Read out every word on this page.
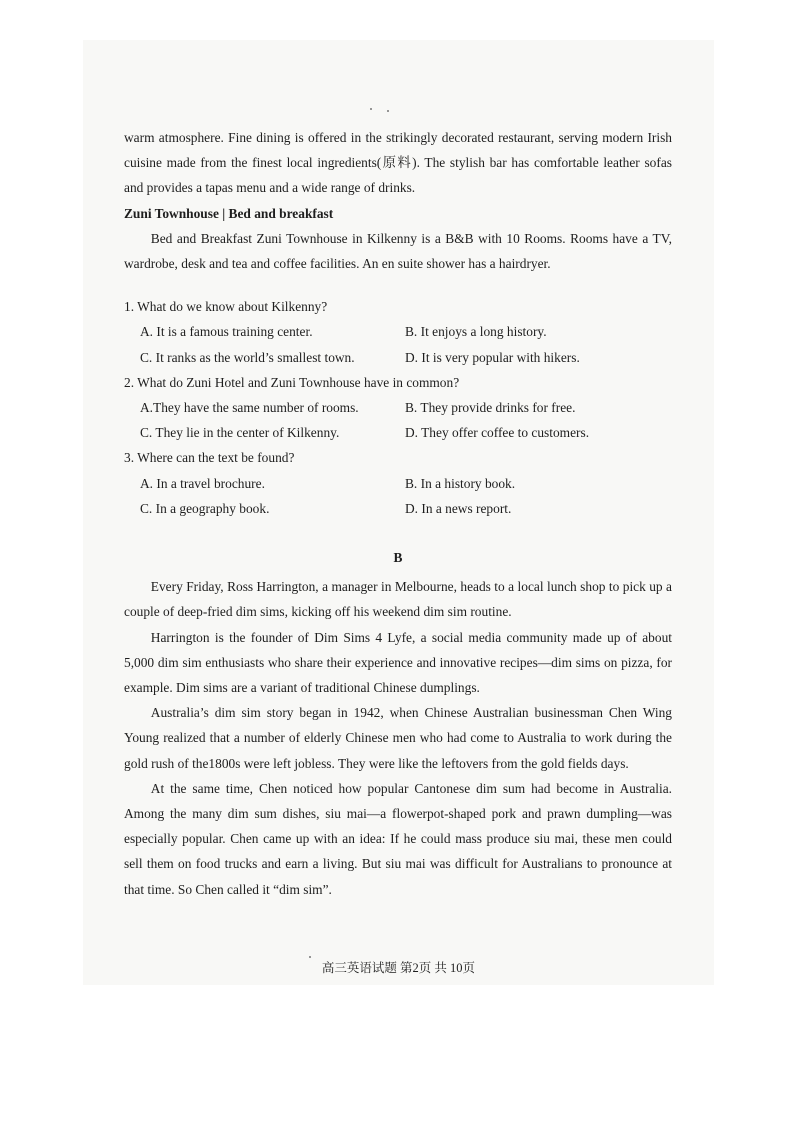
高三英语试题 第2页 共 10页

warm atmosphere. Fine dining is offered in the strikingly decorated restaurant, serving modern Irish cuisine made from the finest local ingredients(原料). The stylish bar has comfortable leather sofas and provides a tapas menu and a wide range of drinks.

Zuni Townhouse | Bed and breakfast

Bed and Breakfast Zuni Townhouse in Kilkenny is a B&B with 10 Rooms. Rooms have a TV, wardrobe, desk and tea and coffee facilities. An en suite shower has a hairdryer.

1. What do we know about Kilkenny?

A. It is a famous training center.	B. It enjoys a long history.
C. It ranks as the world’s smallest town.	D. It is very popular with hikers.

2. What do Zuni Hotel and Zuni Townhouse have in common?

A.They have the same number of rooms.	B. They provide drinks for free.
C. They lie in the center of Kilkenny.	D. They offer coffee to customers.

3. Where can the text be found?

A. In a travel brochure.	B. In a history book.
C. In a geography book.	D. In a news report.

B

Every Friday, Ross Harrington, a manager in Melbourne, heads to a local lunch shop to pick up a couple of deep-fried dim sims, kicking off his weekend dim sim routine.

Harrington is the founder of Dim Sims 4 Lyfe, a social media community made up of about 5,000 dim sim enthusiasts who share their experience and innovative recipes—dim sims on pizza, for example. Dim sims are a variant of traditional Chinese dumplings.

Australia’s dim sim story began in 1942, when Chinese Australian businessman Chen Wing Young realized that a number of elderly Chinese men who had come to Australia to work during the gold rush of the1800s were left jobless. They were like the leftovers from the gold fields days.

At the same time, Chen noticed how popular Cantonese dim sum had become in Australia. Among the many dim sum dishes, siu mai—a flowerpot-shaped pork and prawn dumpling—was especially popular. Chen came up with an idea: If he could mass produce siu mai, these men could sell them on food trucks and earn a living. But siu mai was difficult for Australians to pronounce at that time. So Chen called it “dim sim”.
